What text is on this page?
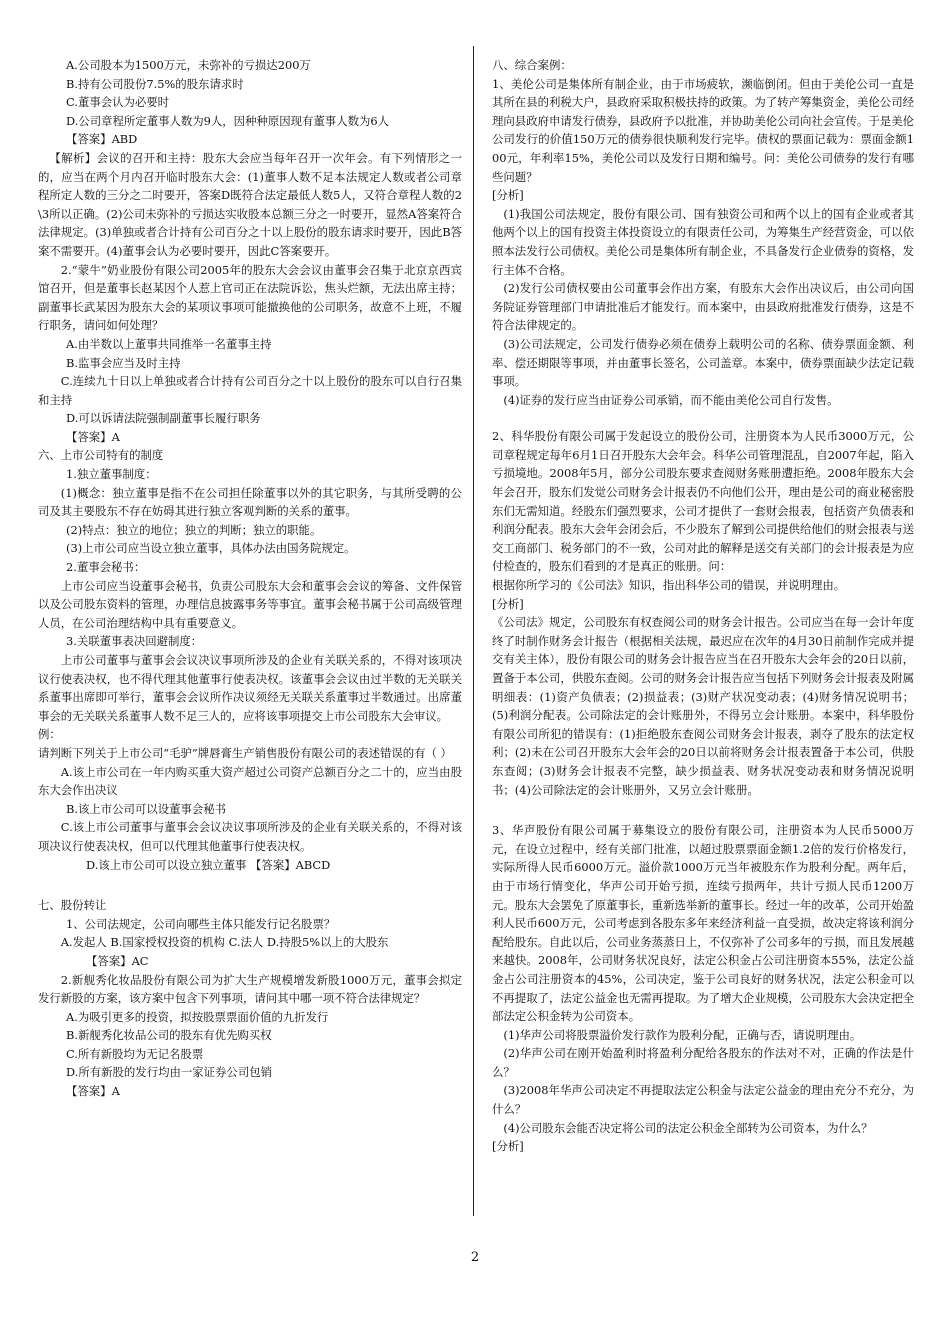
A.公司股本为1500万元，未弥补的亏损达200万

B.持有公司股份7.5%的股东请求时

C.董事会认为必要时

D.公司章程所定董事人数为9人，因种种原因现有董事人数为6人

【答案】ABD

【解析】会议的召开和主持：股东大会应当每年召开一次年会。有下列情形之一的，应当在两个月内召开临时股东大会：(1)董事人数不足本法规定人数或者公司章程所定人数的三分之二时要开，答案D既符合法定最低人数5人，又符合章程人数的2\3所以正确。(2)公司未弥补的亏损达实收股本总额三分之一时要开，显然A答案符合法律规定。(3)单独或者合计持有公司百分之十以上股份的股东请求时要开，因此B答案不需要开。(4)董事会认为必要时要开，因此C答案要开。

2.“蒙牛”奶业股份有限公司2005年的股东大会会议由董事会召集于北京京西宾馆召开，但是董事长赵某因个人惹上官司正在法院诉讼，焦头烂额，无法出席主持；副董事长武某因为股东大会的某项议事项可能撤换他的公司职务，故意不上班，不履行职务，请问如何处理？

A.由半数以上董事共同推举一名董事主持

B.监事会应当及时主持

C.连续九十日以上单独或者合计持有公司百分之十以上股份的股东可以自行召集和主持

D.可以诉请法院强制副董事长履行职务

【答案】A

六、上市公司特有的制度

1.独立董事制度：

(1)概念：独立董事是指不在公司担任除董事以外的其它职务，与其所受聘的公司及其主要股东不存在妨碍其进行独立客观判断的关系的董事。

(2)特点：独立的地位；独立的判断；独立的职能。

(3)上市公司应当设立独立董事，具体办法由国务院规定。

2.董事会秘书：

上市公司应当设董事会秘书，负责公司股东大会和董事会会议的筹备、文件保管以及公司股东资料的管理，办理信息披露事务等事宜。董事会秘书属于公司高级管理人员，在公司治理结构中具有重要意义。

3.关联董事表决回避制度：

上市公司董事与董事会会议决议事项所涉及的企业有关联关系的，不得对该项决议行使表决权，也不得代理其他董事行使表决权。该董事会会议由过半数的无关联关系董事出席即可举行，董事会会议所作决议须经无关联关系董事过半数通过。出席董事会的无关联关系董事人数不足三人的，应将该事项提交上市公司股东大会审议。

例：

请判断下列关于上市公司“毛驴”牌唇膏生产销售股份有限公司的表述错误的有（ ）

A.该上市公司在一年内购买重大资产超过公司资产总额百分之二十的，应当由股东大会作出决议

B.该上市公司可以设董事会秘书

C.该上市公司董事与董事会会议决议事项所涉及的企业有关联关系的，不得对该项决议行使表决权，但可以代理其他董事行使表决权。

D.该上市公司可以设立独立董事 【答案】ABCD

七、股份转让

1、公司法规定，公司向哪些主体只能发行记名股票？

A.发起人 B.国家授权投资的机构 C.法人 D.持股5%以上的大股东

【答案】AC

2.新舰秀化妆品股份有限公司为扩大生产规模增发新股1000万元，董事会拟定发行新股的方案，该方案中包含下列事项，请问其中哪一项不符合法律规定？

A.为吸引更多的投资，拟按股票票面价值的九折发行

B.新舰秀化妆品公司的股东有优先购买权

C.所有新股均为无记名股票

D.所有新股的发行均由一家证券公司包销

【答案】A

八、综合案例：

1、美伦公司是集体所有制企业，由于市场疲软，濒临倒闭。但由于美伦公司一直是其所在县的利税大户，县政府采取积极扶持的政策。为了转产筹集资金，美伦公司经理向县政府申请发行债券，县政府予以批准，并协助美伦公司向社会宣传。于是美伦公司发行的价值150万元的债券很快顺利发行完毕。债权的票面记载为：票面金额100元，年利率15%，美伦公司以及发行日期和编号。问：美伦公司债券的发行有哪些问题？

[分析]

(1)我国公司法规定，股份有限公司、国有独资公司和两个以上的国有企业或者其他两个以上的国有投资主体投资设立的有限责任公司，为筹集生产经营资金，可以依照本法发行公司债权。美伦公司是集体所有制企业，不具备发行企业债券的资格，发行主体不合格。

(2)发行公司债权要由公司董事会作出方案，有股东大会作出决议后，由公司向国务院证券管理部门申请批准后才能发行。而本案中，由县政府批准发行债券，这是不符合法律规定的。

(3)公司法规定，公司发行债券必须在债券上载明公司的名称、债券票面金额、利率、偿还期限等事项，并由董事长签名，公司盖章。本案中，债券票面缺少法定记载事项。

(4)证券的发行应当由证券公司承销，而不能由美伦公司自行发售。

2、科华股份有限公司属于发起设立的股份公司，注册资本为人民币3000万元，公司章程规定每年6月1日召开股东大会年会。科华公司管理混乱，自2007年起，陷入亏损境地。2008年5月，部分公司股东要求查阅财务账册遭拒绝。2008年股东大会年会召开，股东们发觉公司财务会计报表仍不向他们公开，理由是公司的商业秘密股东们无需知道。经股东们强烈要求，公司才提供了一套财会报表，包括资产负债表和利润分配表。股东大会年会闭会后，不少股东了解到公司提供给他们的财会报表与送交工商部门、税务部门的不一致，公司对此的解释是送交有关部门的会计报表是为应付检查的，股东们看到的才是真正的账册。问：

根据你所学习的《公司法》知识，指出科华公司的错误，并说明理由。

[分析]

《公司法》规定，公司股东有权查阅公司的财务会计报告。公司应当在每一会计年度终了时制作财务会计报告（根据相关法规，最迟应在次年的4月30日前制作完成并提交有关主体），股份有限公司的财务会计报告应当在召开股东大会年会的20日以前，置备于本公司，供股东查阅。公司的财务会计报告应当包括下列财务会计报表及附属明细表：(1)资产负债表；(2)损益表；(3)财产状况变动表；(4)财务情况说明书；(5)利润分配表。公司除法定的会计账册外，不得另立会计账册。本案中，科华股份有限公司所犯的错误有：(1)拒绝股东查阅公司财务会计报表，剥夺了股东的法定权利；(2)未在公司召开股东大会年会的20日以前将财务会计报表置备于本公司，供股东查阅；(3)财务会计报表不完整，缺少损益表、财务状况变动表和财务情况说明书；(4)公司除法定的会计账册外，又另立会计账册。

3、华声股份有限公司属于募集设立的股份有限公司，注册资本为人民币5000万元，在设立过程中，经有关部门批准，以超过股票票面金额1.2倍的发行价格发行，实际所得人民币6000万元。溢价款1000万元当年被股东作为股利分配。两年后，由于市场行情变化，华声公司开始亏损，连续亏损两年，共计亏损人民币1200万元。股东大会罢免了原董事长，重新选举新的董事长。经过一年的改革，公司开始盈利人民币600万元，公司考虑到各股东多年来经济利益一直受损，故决定将该利润分配给股东。自此以后，公司业务蒸蒸日上，不仅弥补了公司多年的亏损，而且发展越来越快。2008年，公司财务状况良好，法定公积金占公司注册资本55%，法定公益金占公司注册资本的45%，公司决定，鉴于公司良好的财务状况，法定公积金可以不再提取了，法定公益金也无需再提取。为了增大企业规模，公司股东大会决定把全部法定公积金转为公司资本。

(1)华声公司将股票溢价发行款作为股利分配，正确与否，请说明理由。

(2)华声公司在刚开始盈利时将盈利分配给各股东的作法对不对，正确的作法是什么？

(3)2008年华声公司决定不再提取法定公积金与法定公益金的理由充分不充分，为什么？

(4)公司股东会能否决定将公司的法定公积金全部转为公司资本，为什么？

[分析]

2
